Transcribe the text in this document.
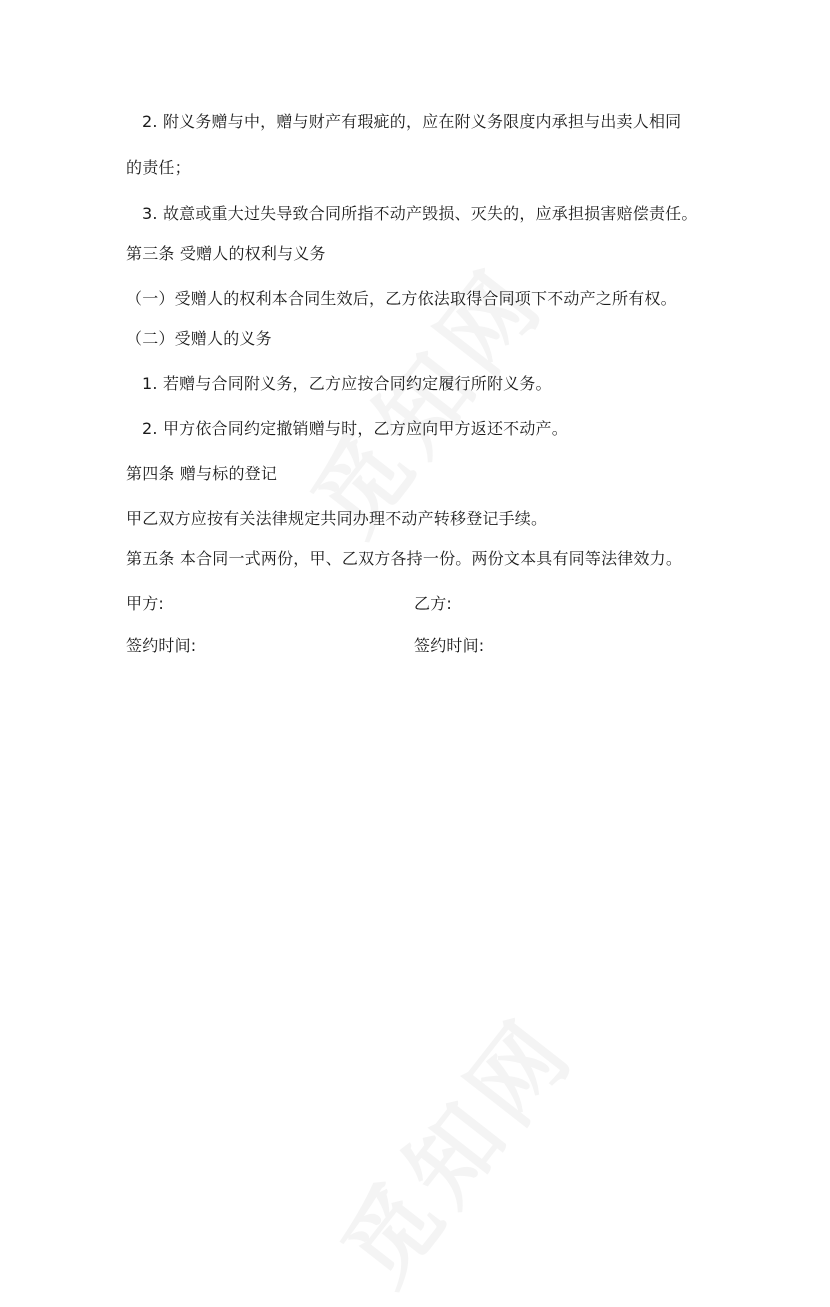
2. 附义务赠与中，赠与财产有瑕疵的，应在附义务限度内承担与出卖人相同
的责任；
3. 故意或重大过失导致合同所指不动产毁损、灭失的，应承担损害赔偿责任。
第三条 受赠人的权利与义务
（一）受赠人的权利本合同生效后，乙方依法取得合同项下不动产之所有权。
（二）受赠人的义务
1. 若赠与合同附义务，乙方应按合同约定履行所附义务。
2. 甲方依合同约定撤销赠与时，乙方应向甲方返还不动产。
第四条 赠与标的登记
甲乙双方应按有关法律规定共同办理不动产转移登记手续。
第五条 本合同一式两份，甲、乙双方各持一份。两份文本具有同等法律效力。
甲方:	乙方:
签约时间:	签约时间:
